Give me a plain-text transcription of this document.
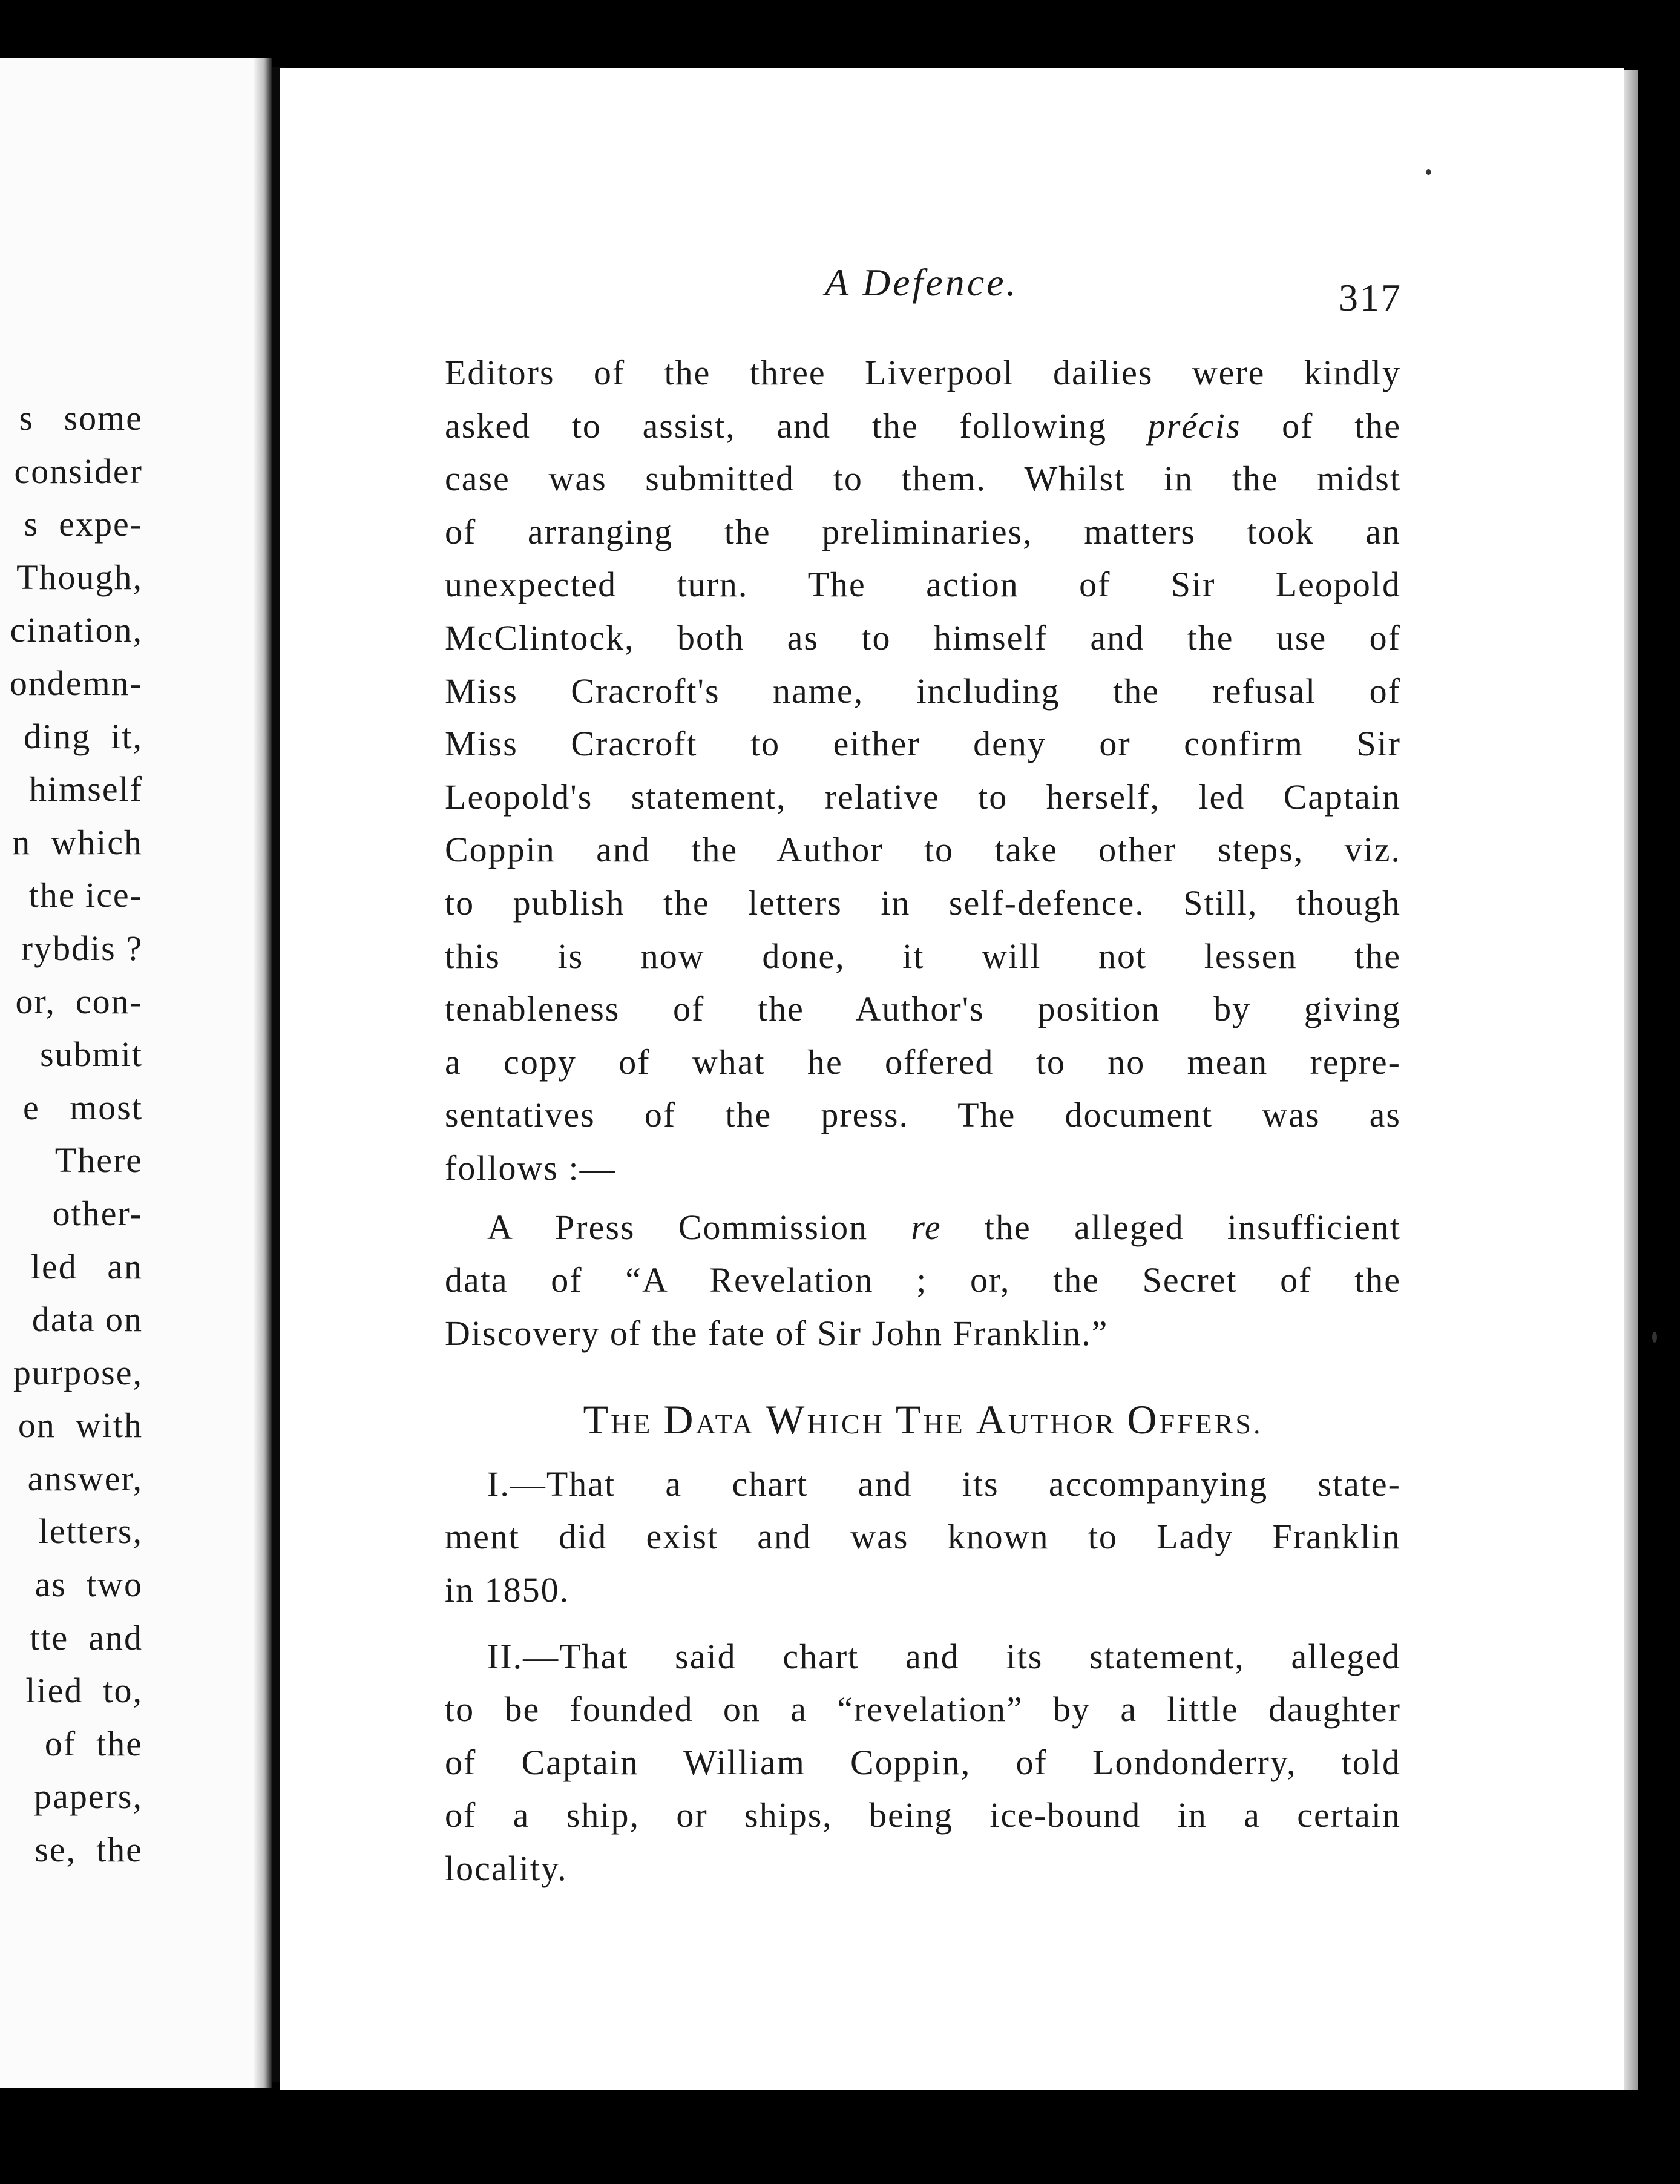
s   some
consider
s  expe-
Though,
cination,
ondemn-
ding  it,
himself
n  which
the ice-
rybdis ?
or,  con-
submit
e   most
There
other-
led   an
data on
purpose,
on  with
answer,
letters,
as  two
tte  and
lied  to,
of  the
papers,
se,  the
A Defence.	317
Editors of the three Liverpool dailies were kindly
asked to assist, and the following précis of the
case was submitted to them. Whilst in the midst
of arranging the preliminaries, matters took an
unexpected turn. The action of Sir Leopold
McClintock, both as to himself and the use of
Miss Cracroft's name, including the refusal of
Miss Cracroft to either deny or confirm Sir
Leopold's statement, relative to herself, led Captain
Coppin and the Author to take other steps, viz.
to publish the letters in self-defence. Still, though
this is now done, it will not lessen the
tenableness of the Author's position by giving
a copy of what he offered to no mean repre-
sentatives of the press. The document was as
follows :—
A Press Commission re the alleged insufficient
data of “A Revelation ; or, the Secret of the
Discovery of the fate of Sir John Franklin.”
THE DATA WHICH THE AUTHOR OFFERS.
I.—That a chart and its accompanying state-
ment did exist and was known to Lady Franklin
in 1850.
II.—That said chart and its statement, alleged
to be founded on a “revelation” by a little daughter
of Captain William Coppin, of Londonderry, told
of a ship, or ships, being ice-bound in a certain
locality.
